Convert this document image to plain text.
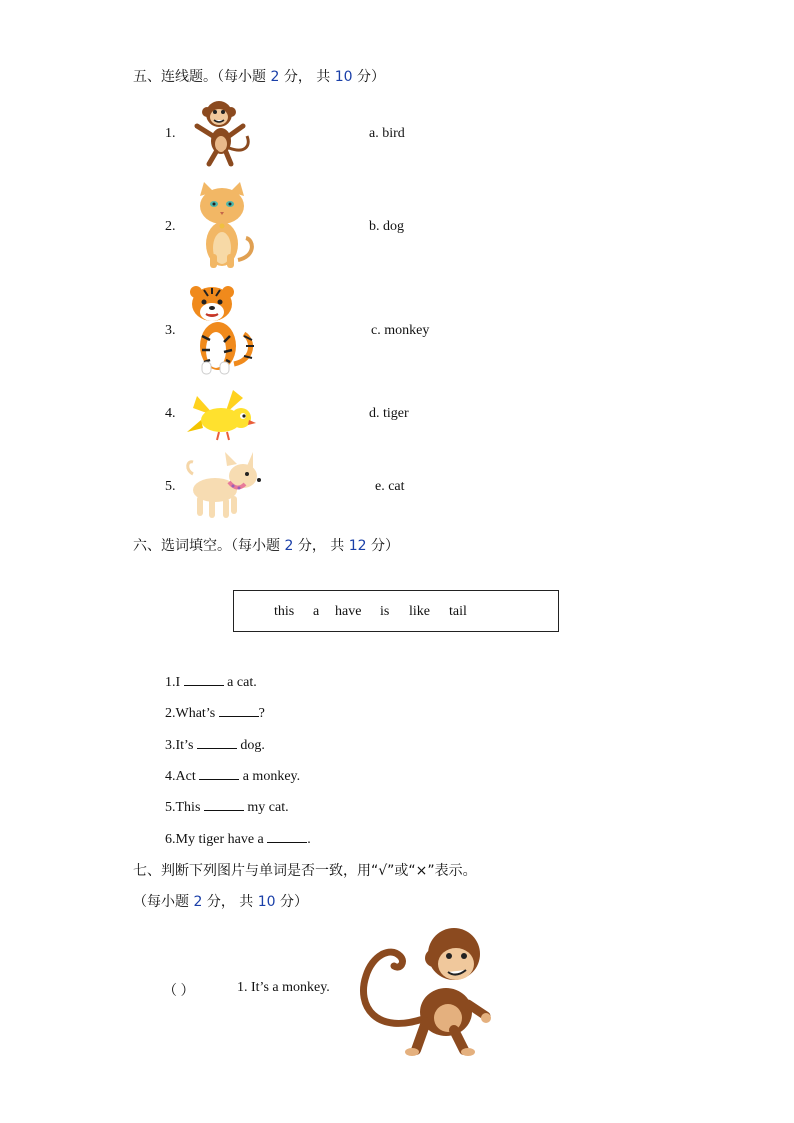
五、连线题。（每小题 2 分， 共 10 分）
1.
2.
3.
4.
5.
a. bird
b. dog
c. monkey
d. tiger
e. cat
六、选词填空。（每小题 2 分， 共 12 分）
this a have is like tail
1.I	a cat.
2.What’s	?
3.It’s	dog.
4.Act	a monkey.
5.This	my cat.
6.My tiger have a	.
七、判断下列图片与单词是否一致，用“√”或“×”表示。
（每小题 2 分， 共 10 分）
（ ）	1. It’s a monkey.
